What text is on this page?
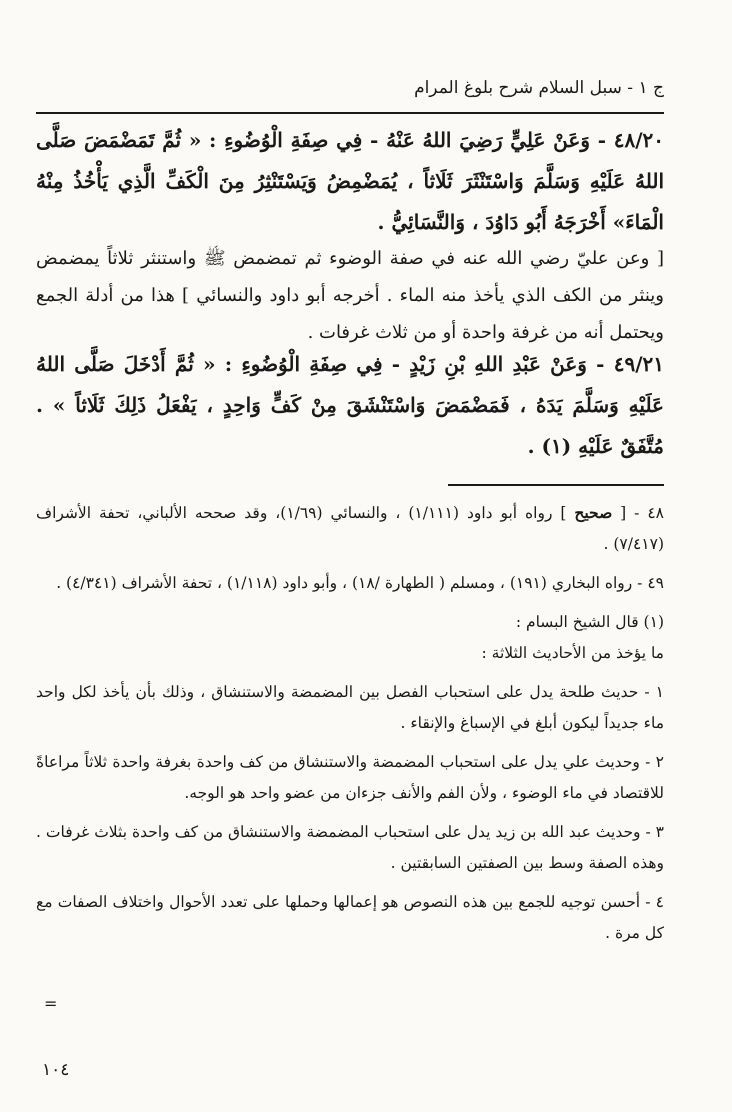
ج ١ - سبل السلام شرح بلوغ المرام
٤٨/٢٠ - وَعَنْ عَلِيٍّ رَضِيَ اللهُ عَنْهُ - فِي صِفَةِ الْوُضُوءِ : « ثُمَّ تَمَضْمَضَ صَلَّى اللهُ عَلَيْهِ وَسَلَّمَ وَاسْتَنْثَرَ ثَلَاثاً ، يُمَضْمِضُ وَيَسْتَنْثِرُ مِنَ الْكَفِّ الَّذِي يَأْخُذُ مِنْهُ الْمَاءَ» أَخْرَجَهُ أَبُو دَاوُدَ ، وَالنَّسَائِيُّ .
[ وعن عليّ رضي الله عنه في صفة الوضوء ثم تمضمض ﷺ واستنثر ثلاثاً يمضمض وينثر من الكف الذي يأخذ منه الماء . أخرجه أبو داود والنسائي ] هذا من أدلة الجمع ويحتمل أنه من غرفة واحدة أو من ثلاث غرفات .
٤٩/٢١ - وَعَنْ عَبْدِ اللهِ بْنِ زَيْدٍ - فِي صِفَةِ الْوُضُوءِ : « ثُمَّ أَدْخَلَ صَلَّى اللهُ عَلَيْهِ وَسَلَّمَ يَدَهُ ، فَمَضْمَضَ وَاسْتَنْشَقَ مِنْ كَفٍّ وَاحِدٍ ، يَفْعَلُ ذَلِكَ ثَلَاثاً » . مُتَّفَقٌ عَلَيْهِ (١) .

٤٨ - [ صحيح ] رواه أبو داود (١/١١١) ، والنسائي (١/٦٩)، وقد صححه الألباني، تحفة الأشراف (٧/٤١٧) .

٤٩ - رواه البخاري (١٩١) ، ومسلم ( الطهارة /١٨) ، وأبو داود (١/١١٨) ، تحفة الأشراف (٤/٣٤١) .

(١) قال الشيخ البسام :

ما يؤخذ من الأحاديث الثلاثة :

١ - حديث طلحة يدل على استحباب الفصل بين المضمضة والاستنشاق ، وذلك بأن يأخذ لكل واحد ماء جديداً ليكون أبلغ في الإسباغ والإنقاء .

٢ - وحديث علي يدل على استحباب المضمضة والاستنشاق من كف واحدة بغرفة واحدة ثلاثاً مراعاةً للاقتصاد في ماء الوضوء ، ولأن الفم والأنف جزءان من عضو واحد هو الوجه.

٣ - وحديث عبد الله بن زيد يدل على استحباب المضمضة والاستنشاق من كف واحدة بثلاث غرفات . وهذه الصفة وسط بين الصفتين السابقتين .

٤ - أحسن توجيه للجمع بين هذه النصوص هو إعمالها وحملها على تعدد الأحوال واختلاف الصفات مع كل مرة .

=
١٠٤
